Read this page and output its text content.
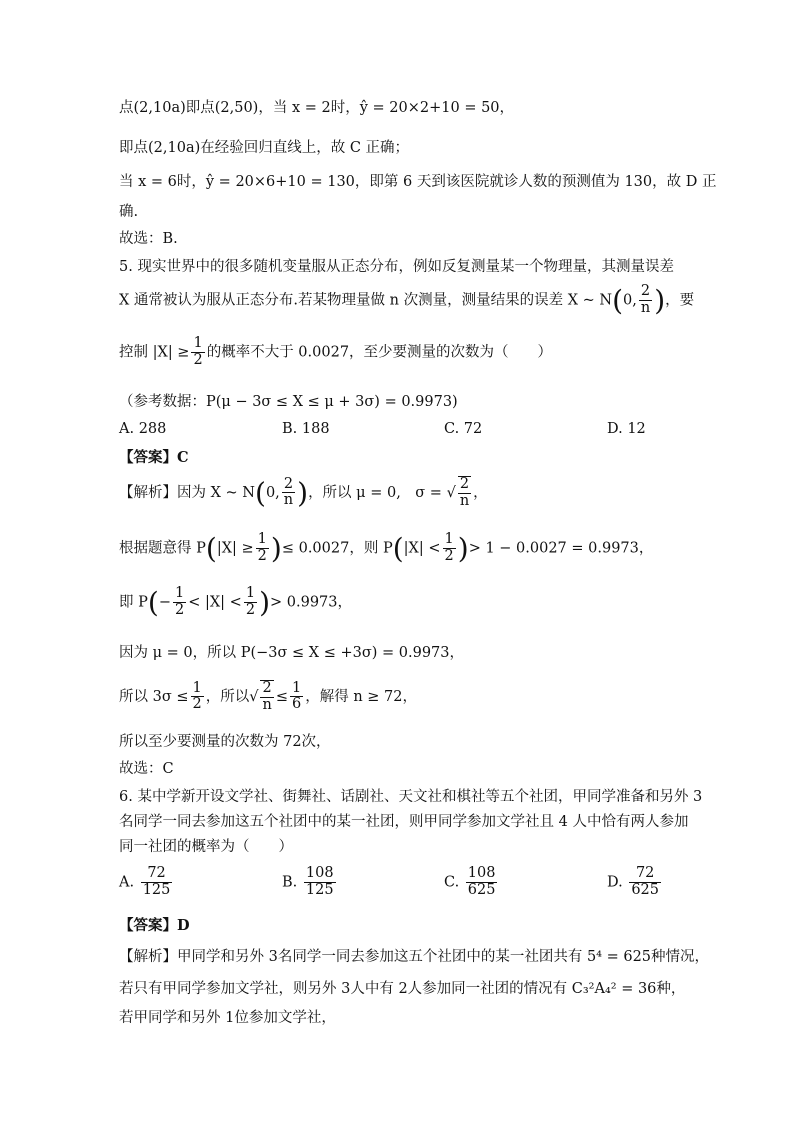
点(2,10a)即点(2,50)，当 x = 2时，ŷ = 20×2+10 = 50，
即点(2,10a)在经验回归直线上，故 C 正确；
当 x = 6时，ŷ = 20×6+10 = 130，即第 6 天到该医院就诊人数的预测值为 130，故 D 正
确.
故选：B.
5. 现实世界中的很多随机变量服从正态分布，例如反复测量某一个物理量，其测量误差
X 通常被认为服从正态分布.若某物理量做 n 次测量，测量结果的误差 X ~ N(0, $\frac{2}{n}$ )，要
控制 $|X| \ge \frac{1}{2}$ 的概率不大于 0.0027，至少要测量的次数为（　　）
（参考数据：P(μ − 3σ ≤ X ≤ μ + 3σ) = 0.9973)
A. 288	B. 188	C. 72	D. 12
【答案】C
【解析】因为 X ~ N(0, $\frac{2}{n}$ )，所以 μ = 0,　σ = √ $\frac{2}{n}$ ，
根据题意得 $P(|X| \ge \frac{1}{2}$ )≤ 0.0027，则 $P(|X| < \frac{1}{2}$ )> 1 − 0.0027 = 0.9973，
即 $P(- \frac{1}{2} < |X| < \frac{1}{2}$ )> 0.9973，
因为 μ = 0，所以 P(−3σ ≤ X ≤ +3σ) = 0.9973，
所以 $3\sigma \le \frac{1}{2}$ ，所以√ $\frac{2}{n} \le \frac{1}{6}$ ，解得 n ≥ 72，
所以至少要测量的次数为 72次，
故选：C
6. 某中学新开设文学社、街舞社、话剧社、天文社和棋社等五个社团，甲同学准备和另外 3
名同学一同去参加这五个社团中的某一社团，则甲同学参加文学社且 4 人中恰有两人参加
同一社团的概率为（　　）
A. $\frac{72}{125}$	B. $\frac{108}{125}$	C. $\frac{108}{625}$	D. $\frac{72}{625}$
【答案】D
【解析】甲同学和另外 3名同学一同去参加这五个社团中的某一社团共有 5⁴ = 625种情况，
若只有甲同学参加文学社，则另外 3人中有 2人参加同一社团的情况有 C₃²A₄² = 36种，
若甲同学和另外 1位参加文学社，
